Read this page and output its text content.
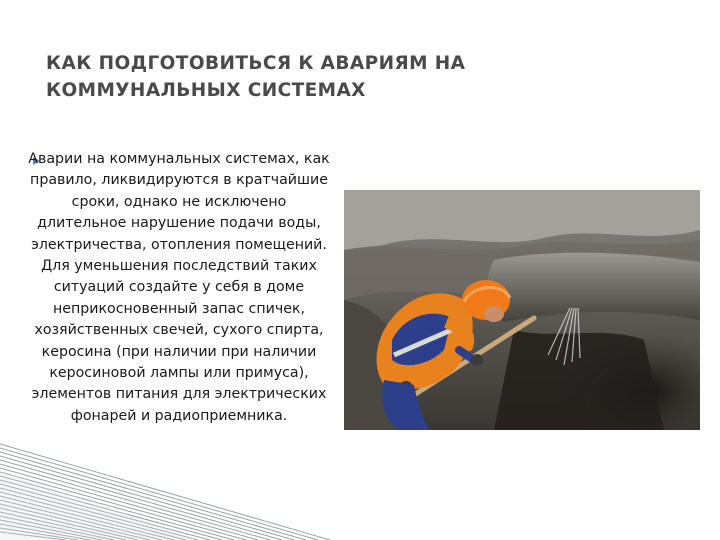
КАК ПОДГОТОВИТЬСЯ К АВАРИЯМ НА КОММУНАЛЬНЫХ СИСТЕМАХ

Аварии на коммунальных системах, как правило, ликвидируются в кратчайшие сроки, однако не исключено длительное нарушение подачи воды, электричества, отопления помещений. Для уменьшения последствий таких ситуаций создайте у себя в доме неприкосновенный запас спичек, хозяйственных свечей, сухого спирта, керосина (при наличии при наличии керосиновой лампы или примуса), элементов питания для электрических фонарей и радиоприемника.
